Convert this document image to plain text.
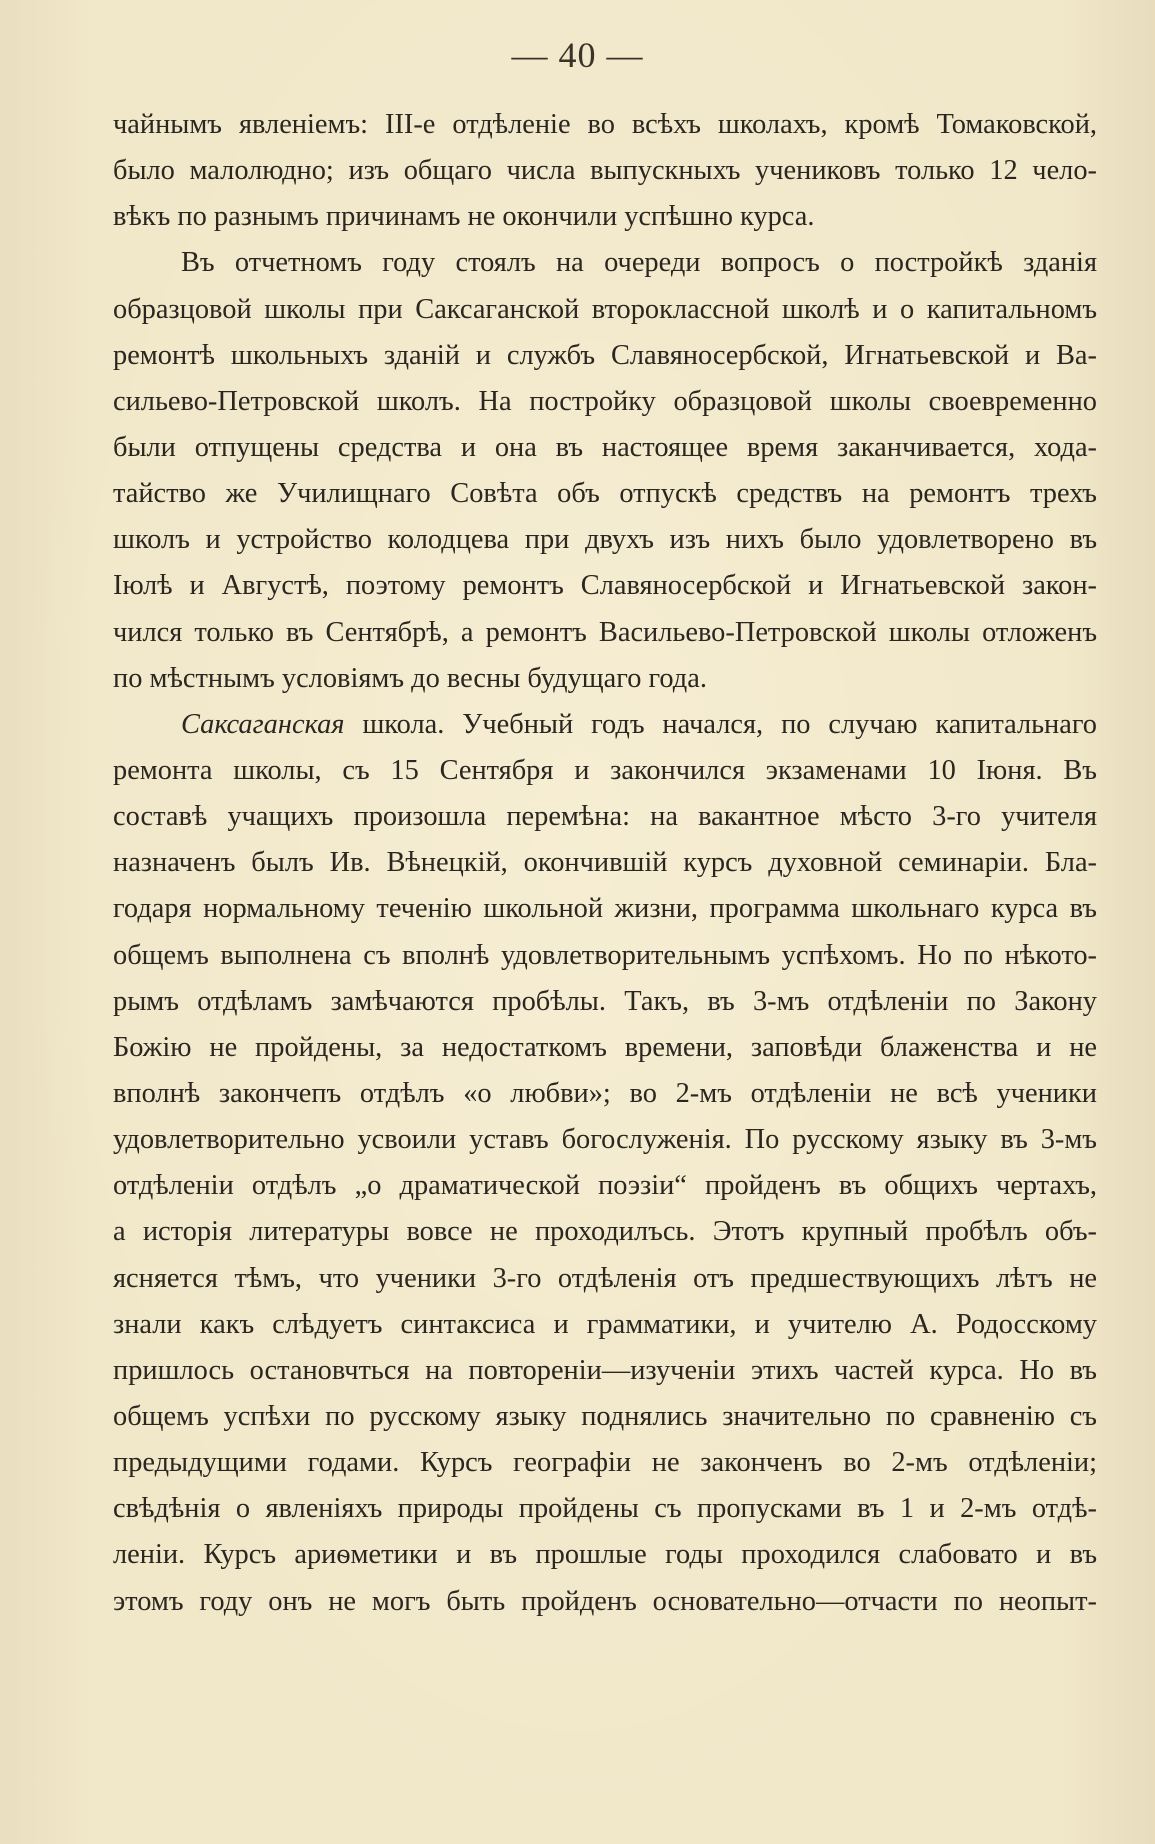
— 40 —
чайнымъ явленіемъ: III-е отдѣленіе во всѣхъ школахъ, кромѣ Томаковской,
было малолюдно; изъ общаго числа выпускныхъ учениковъ только 12 чело-
вѣкъ по разнымъ причинамъ не окончили успѣшно курса.
Въ отчетномъ году стоялъ на очереди вопросъ о постройкѣ зданія
образцовой школы при Саксаганской второклассной школѣ и о капитальномъ
ремонтѣ школьныхъ зданій и службъ Славяносербской, Игнатьевской и Ва-
сильево-Петровской школъ. На постройку образцовой школы своевременно
были отпущены средства и она въ настоящее время заканчивается, хода-
тайство же Училищнаго Совѣта объ отпускѣ средствъ на ремонтъ трехъ
школъ и устройство колодцева при двухъ изъ нихъ было удовлетворено въ
Іюлѣ и Августѣ, поэтому ремонтъ Славяносербской и Игнатьевской закон-
чился только въ Сентябрѣ, а ремонтъ Васильево-Петровской школы отложенъ
по мѣстнымъ условіямъ до весны будущаго года.
Саксаганская школа. Учебный годъ начался, по случаю капитальнаго
ремонта школы, съ 15 Сентября и закончился экзаменами 10 Іюня. Въ
составѣ учащихъ произошла перемѣна: на вакантное мѣсто 3-го учителя
назначенъ былъ Ив. Вѣнецкій, окончившій курсъ духовной семинаріи. Бла-
годаря нормальному теченію школьной жизни, программа школьнаго курса въ
общемъ выполнена съ вполнѣ удовлетворительнымъ успѣхомъ. Но по нѣкото-
рымъ отдѣламъ замѣчаются пробѣлы. Такъ, въ 3-мъ отдѣленіи по Закону
Божію не пройдены, за недостаткомъ времени, заповѣди блаженства и не
вполнѣ закончепъ отдѣлъ «о любви»; во 2-мъ отдѣленіи не всѣ ученики
удовлетворительно усвоили уставъ богослуженія. По русскому языку въ 3-мъ
отдѣленіи отдѣлъ „о драматической поэзіи“ пройденъ въ общихъ чертахъ,
а исторія литературы вовсе не проходилъсь. Этотъ крупный пробѣлъ объ-
ясняется тѣмъ, что ученики 3-го отдѣленія отъ предшествующихъ лѣтъ не
знали какъ слѣдуетъ синтаксиса и грамматики, и учителю А. Родосскому
пришлось остановчться на повтореніи—изученіи этихъ частей курса. Но въ
общемъ успѣхи по русскому языку поднялись значительно по сравненію съ
предыдущими годами. Курсъ географіи не законченъ во 2-мъ отдѣленіи;
свѣдѣнія о явленіяхъ природы пройдены съ пропусками въ 1 и 2-мъ отдѣ-
леніи. Курсъ ариѳметики и въ прошлые годы проходился слабовато и въ
этомъ году онъ не могъ быть пройденъ основательно—отчасти по неопыт-
